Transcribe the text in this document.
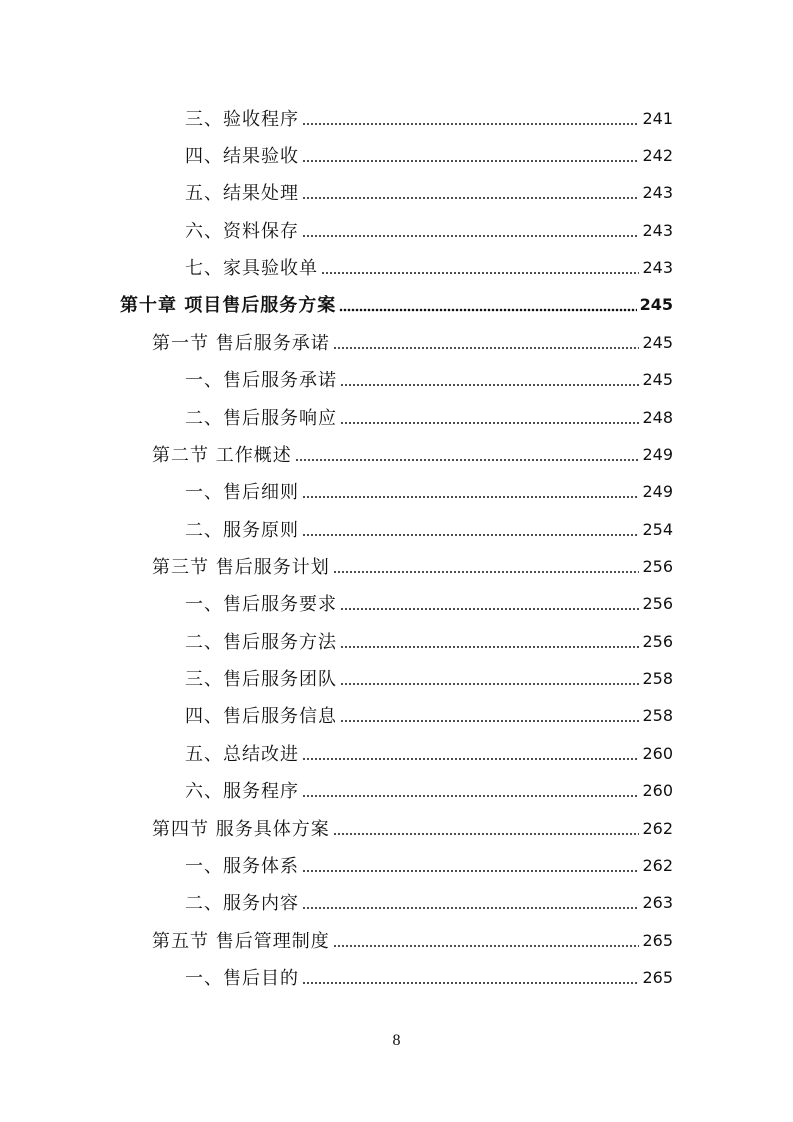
三、验收程序	241
四、结果验收	242
五、结果处理	243
六、资料保存	243
七、家具验收单	243
第十章 项目售后服务方案	245
第一节 售后服务承诺	245
一、售后服务承诺	245
二、售后服务响应	248
第二节 工作概述	249
一、售后细则	249
二、服务原则	254
第三节 售后服务计划	256
一、售后服务要求	256
二、售后服务方法	256
三、售后服务团队	258
四、售后服务信息	258
五、总结改进	260
六、服务程序	260
第四节 服务具体方案	262
一、服务体系	262
二、服务内容	263
第五节 售后管理制度	265
一、售后目的	265
8
